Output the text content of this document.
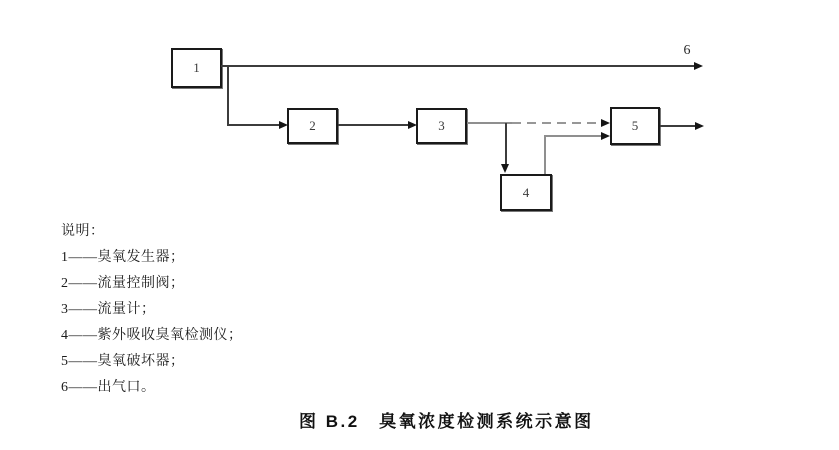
1
2	3
4
5
6
说明：
1——臭氧发生器；
2——流量控制阀；
3——流量计；
4——紫外吸收臭氧检测仪；
5——臭氧破坏器；
6——出气口。
图 B.2　臭氧浓度检测系统示意图
